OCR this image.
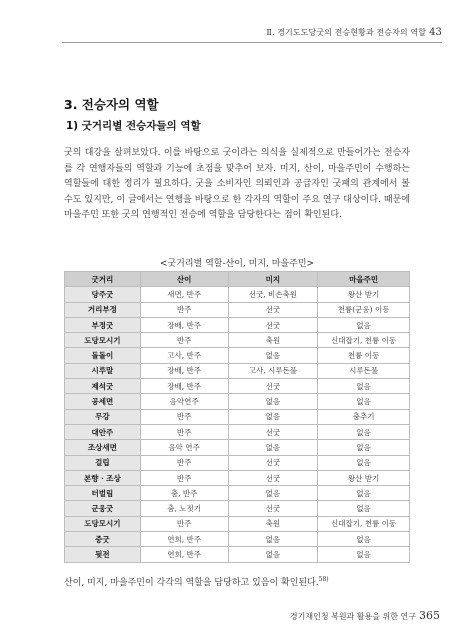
Ⅱ. 경기도도당굿의 전승현황과 전승자의 역할 43
3. 전승자의 역할
1) 굿거리별 전승자들의 역할
굿의 대강을 살펴보았다. 이를 바탕으로 굿이라는 의식을 실제적으로 만들어가는 전승자를 각 연행자들의 역할과 기능에 초점을 맞추어 보자. 미지, 산이, 마을주민이 수행하는 역할들에 대한 정리가 필요하다. 굿을 소비자인 의뢰인과 공급자인 굿패의 관계에서 볼 수도 있지만, 이 글에서는 연행을 바탕으로 한 각자의 역할이 주요 연구 대상이다. 때문에 마을주민 또한 굿의 연행적인 전승에 역할을 담당한다는 점이 확인된다.
<굿거리별 역할-산이, 미지, 마을주민>
굿거리	산이	미지	마을주민
당주굿	새면, 반주	선굿, 비손축원	왕산 받기
거리부정	반주	선굿	천륭(군웅) 이동
부정굿	장배, 반주	선굿	없음
도당모시기	반주	축원	신대잡기, 천륭 이동
돌돌이	고사, 반주	없음	천륭 이동
시루말	장배, 반주	고사, 시루돈풀	시루돈풀
제석굿	장배, 반주	선굿	없음
공세면	음악연주	없음	없음
무강	반주	없음	춤추기
대안주	반주	선굿	없음
조상새면	음악 연주	없음	없음
걸립	반주	선굿	없음
본향 · 조상	반주	선굿	왕산 받기
터벌림	춤, 반주	없음	없음
군웅굿	춤, 노젓기	선굿	없음
도당모시기	반주	축원	신대잡기, 천륭 이동
중굿	연희, 반주	없음	없음
뒷전	연희, 반주	없음	없음
산이, 미지, 마을주민이 각각의 역할을 담당하고 있음이 확인된다.$^{58)}$
경기재인청 복원과 활용을 위한 연구 365
